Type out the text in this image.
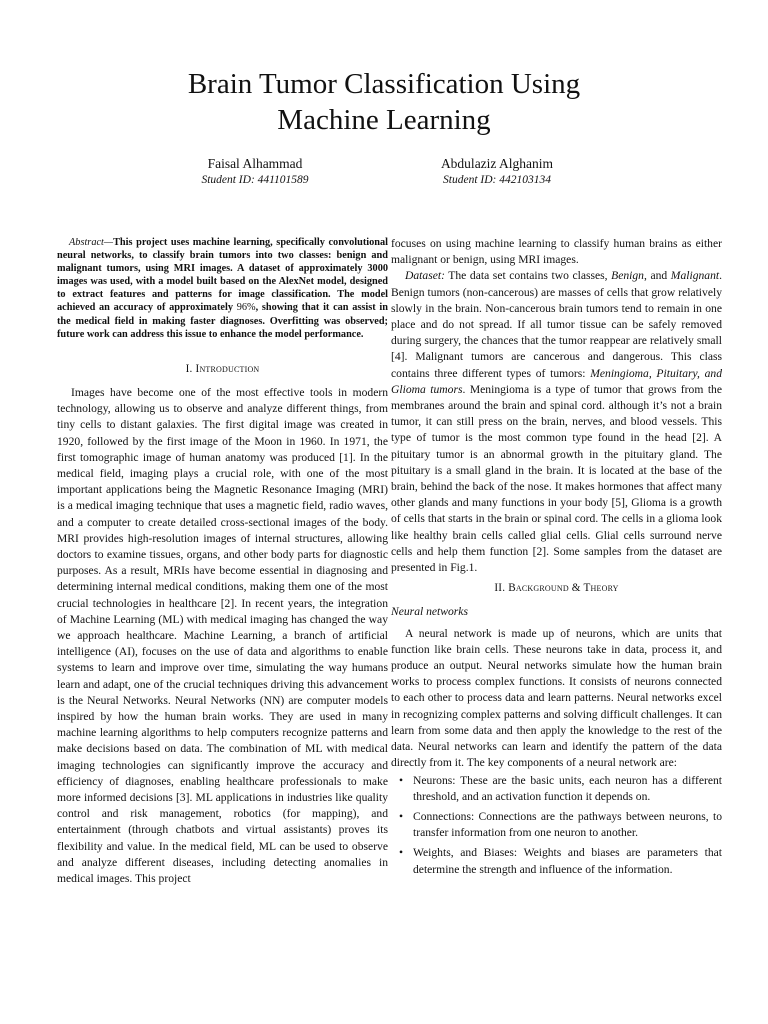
Brain Tumor Classification Using
Machine Learning
Faisal Alhammad
Student ID: 441101589
Abdulaziz Alghanim
Student ID: 442103134

Abstract—This project uses machine learning, specifically convolutional neural networks, to classify brain tumors into two classes: benign and malignant tumors, using MRI images. A dataset of approximately 3000 images was used, with a model built based on the AlexNet model, designed to extract features and patterns for image classification. The model achieved an accuracy of approximately 96%, showing that it can assist in the medical field in making faster diagnoses. Overfitting was observed; future work can address this issue to enhance the model performance.

I. Introduction

Images have become one of the most effective tools in modern technology, allowing us to observe and analyze different things, from tiny cells to distant galaxies. The first digital image was created in 1920, followed by the first image of the Moon in 1960. In 1971, the first tomographic image of human anatomy was produced [1]. In the medical field, imaging plays a crucial role, with one of the most important applications being the Magnetic Resonance Imaging (MRI) is a medical imaging technique that uses a magnetic field, radio waves, and a computer to create detailed cross-sectional images of the body. MRI provides high-resolution images of internal structures, allowing doctors to examine tissues, organs, and other body parts for diagnostic purposes. As a result, MRIs have become essential in diagnosing and determining internal medical conditions, making them one of the most crucial technologies in healthcare [2]. In recent years, the integration of Machine Learning (ML) with medical imaging has changed the way we approach healthcare. Machine Learning, a branch of artificial intelligence (AI), focuses on the use of data and algorithms to enable systems to learn and improve over time, simulating the way humans learn and adapt, one of the crucial techniques driving this advancement is the Neural Networks. Neural Networks (NN) are computer models inspired by how the human brain works. They are used in many machine learning algorithms to help computers recognize patterns and make decisions based on data. The combination of ML with medical imaging technologies can significantly improve the accuracy and efficiency of diagnoses, enabling healthcare professionals to make more informed decisions [3]. ML applications in industries like quality control and risk management, robotics (for mapping), and entertainment (through chatbots and virtual assistants) proves its flexibility and value. In the medical field, ML can be used to observe and analyze different diseases, including detecting anomalies in medical images. This project

focuses on using machine learning to classify human brains as either malignant or benign, using MRI images.

Dataset: The data set contains two classes, Benign, and Malignant. Benign tumors (non-cancerous) are masses of cells that grow relatively slowly in the brain. Non-cancerous brain tumors tend to remain in one place and do not spread. If all tumor tissue can be safely removed during surgery, the chances that the tumor reappear are relatively small [4]. Malignant tumors are cancerous and dangerous. This class contains three different types of tumors: Meningioma, Pituitary, and Glioma tumors. Meningioma is a type of tumor that grows from the membranes around the brain and spinal cord. although it’s not a brain tumor, it can still press on the brain, nerves, and blood vessels. This type of tumor is the most common type found in the head [2]. A pituitary tumor is an abnormal growth in the pituitary gland. The pituitary is a small gland in the brain. It is located at the base of the brain, behind the back of the nose. It makes hormones that affect many other glands and many functions in your body [5], Glioma is a growth of cells that starts in the brain or spinal cord. The cells in a glioma look like healthy brain cells called glial cells. Glial cells surround nerve cells and help them function [2]. Some samples from the dataset are presented in Fig.1.

II. Background & Theory
Neural networks

A neural network is made up of neurons, which are units that function like brain cells. These neurons take in data, process it, and produce an output. Neural networks simulate how the human brain works to process complex functions. It consists of neurons connected to each other to process data and learn patterns. Neural networks excel in recognizing complex patterns and solving difficult challenges. It can learn from some data and then apply the knowledge to the rest of the data. Neural networks can learn and identify the pattern of the data directly from it. The key components of a neural network are:

• Neurons: These are the basic units, each neuron has a different threshold, and an activation function it depends on.
• Connections: Connections are the pathways between neurons, to transfer information from one neuron to another.
• Weights, and Biases: Weights and biases are parameters that determine the strength and influence of the information.
